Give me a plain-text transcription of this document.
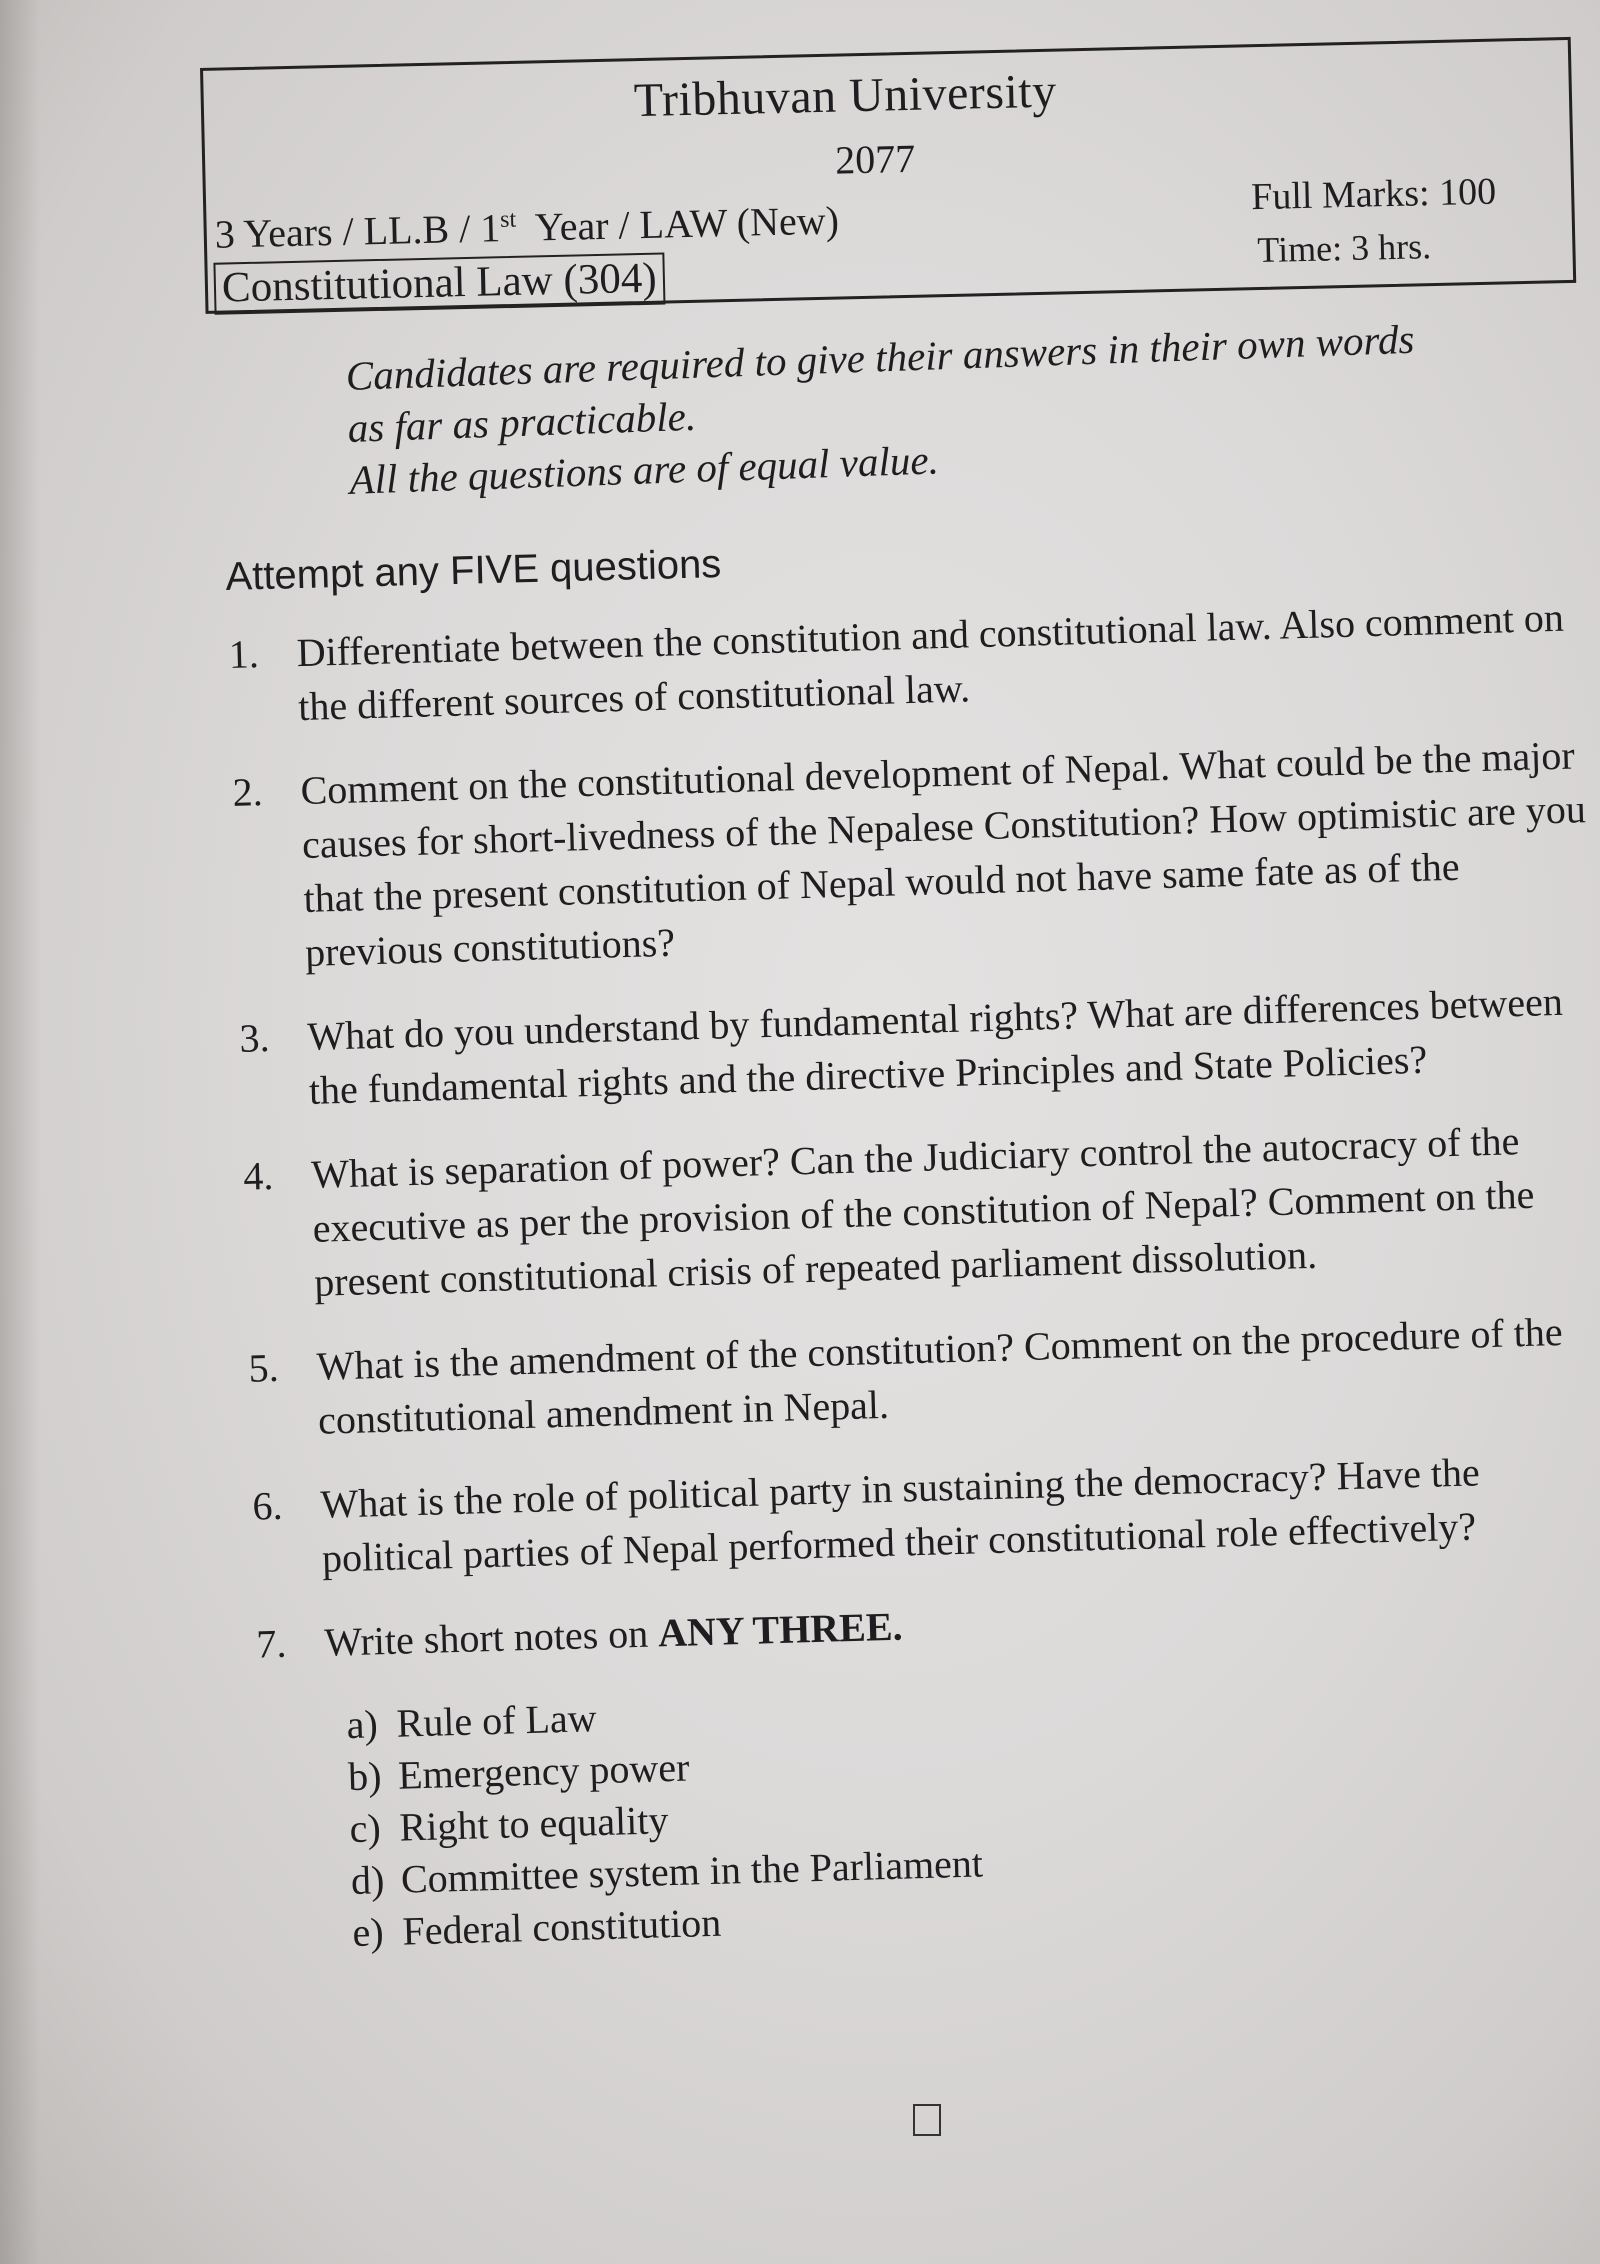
Tribhuvan University
2077
3 Years / LL.B / 1st Year / LAW (New)
Full Marks: 100
Time: 3 hrs.
Constitutional Law (304)
Candidates are required to give their answers in their own words
as far as practicable.
All the questions are of equal value.
Attempt any FIVE questions
1. Differentiate between the constitution and constitutional law. Also comment on the different sources of constitutional law.
2. Comment on the constitutional development of Nepal. What could be the major causes for short-livedness of the Nepalese Constitution? How optimistic are you that the present constitution of Nepal would not have same fate as of the previous constitutions?
3. What do you understand by fundamental rights? What are differences between the fundamental rights and the directive Principles and State Policies?
4. What is separation of power? Can the Judiciary control the autocracy of the executive as per the provision of the constitution of Nepal? Comment on the present constitutional crisis of repeated parliament dissolution.
5. What is the amendment of the constitution? Comment on the procedure of the constitutional amendment in Nepal.
6. What is the role of political party in sustaining the democracy? Have the political parties of Nepal performed their constitutional role effectively?
7. Write short notes on ANY THREE.
a) Rule of Law
b) Emergency power
c) Right to equality
d) Committee system in the Parliament
e) Federal constitution
